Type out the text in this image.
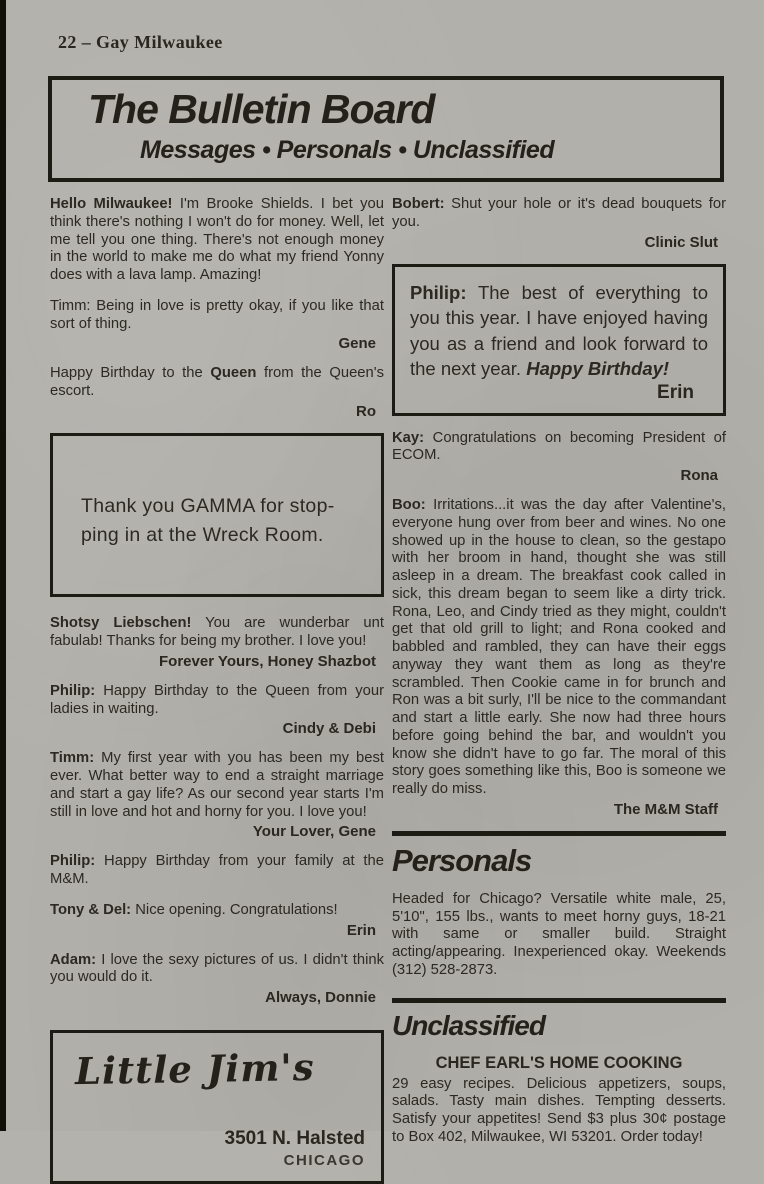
22 – Gay Milwaukee
The Bulletin Board
Messages • Personals • Unclassified

Hello Milwaukee! I'm Brooke Shields. I bet you think there's nothing I won't do for money. Well, let me tell you one thing. There's not enough money in the world to make me do what my friend Yonny does with a lava lamp. Amazing!

Timm: Being in love is pretty okay, if you like that sort of thing.

Gene

Happy Birthday to the Queen from the Queen's escort.

Ro
Thank you GAMMA for stop-
ping in at the Wreck Room.

Shotsy Liebschen! You are wunderbar unt fabulab! Thanks for being my brother. I love you!

Forever Yours, Honey Shazbot

Philip: Happy Birthday to the Queen from your ladies in waiting.

Cindy & Debi

Timm: My first year with you has been my best ever. What better way to end a straight marriage and start a gay life? As our second year starts I'm still in love and hot and horny for you. I love you!

Your Lover, Gene

Philip: Happy Birthday from your family at the M&M.

Tony & Del: Nice opening. Congratulations!

Erin

Adam: I love the sexy pictures of us. I didn't think you would do it.

Always, Donnie
Little Jim's
3501 N. Halsted
CHICAGO

Bobert: Shut your hole or it's dead bouquets for you.

Clinic Slut

Philip: The best of everything to you this year. I have enjoyed having you as a friend and look forward to the next year. Happy Birthday!

Erin

Kay: Congratulations on becoming President of ECOM.

Rona

Boo: Irritations...it was the day after Valentine's, everyone hung over from beer and wines. No one showed up in the house to clean, so the gestapo with her broom in hand, thought she was still asleep in a dream. The breakfast cook called in sick, this dream began to seem like a dirty trick. Rona, Leo, and Cindy tried as they might, couldn't get that old grill to light; and Rona cooked and babbled and rambled, they can have their eggs anyway they want them as long as they're scrambled. Then Cookie came in for brunch and Ron was a bit surly, I'll be nice to the commandant and start a little early. She now had three hours before going behind the bar, and wouldn't you know she didn't have to go far. The moral of this story goes something like this, Boo is someone we really do miss.

The M&M Staff
Personals

Headed for Chicago? Versatile white male, 25, 5'10", 155 lbs., wants to meet horny guys, 18-21 with same or smaller build. Straight acting/appearing. Inexperienced okay. Weekends (312) 528-2873.

Unclassified
CHEF EARL'S HOME COOKING

29 easy recipes. Delicious appetizers, soups, salads. Tasty main dishes. Tempting desserts. Satisfy your appetites! Send $3 plus 30¢ postage to Box 402, Milwaukee, WI 53201. Order today!
